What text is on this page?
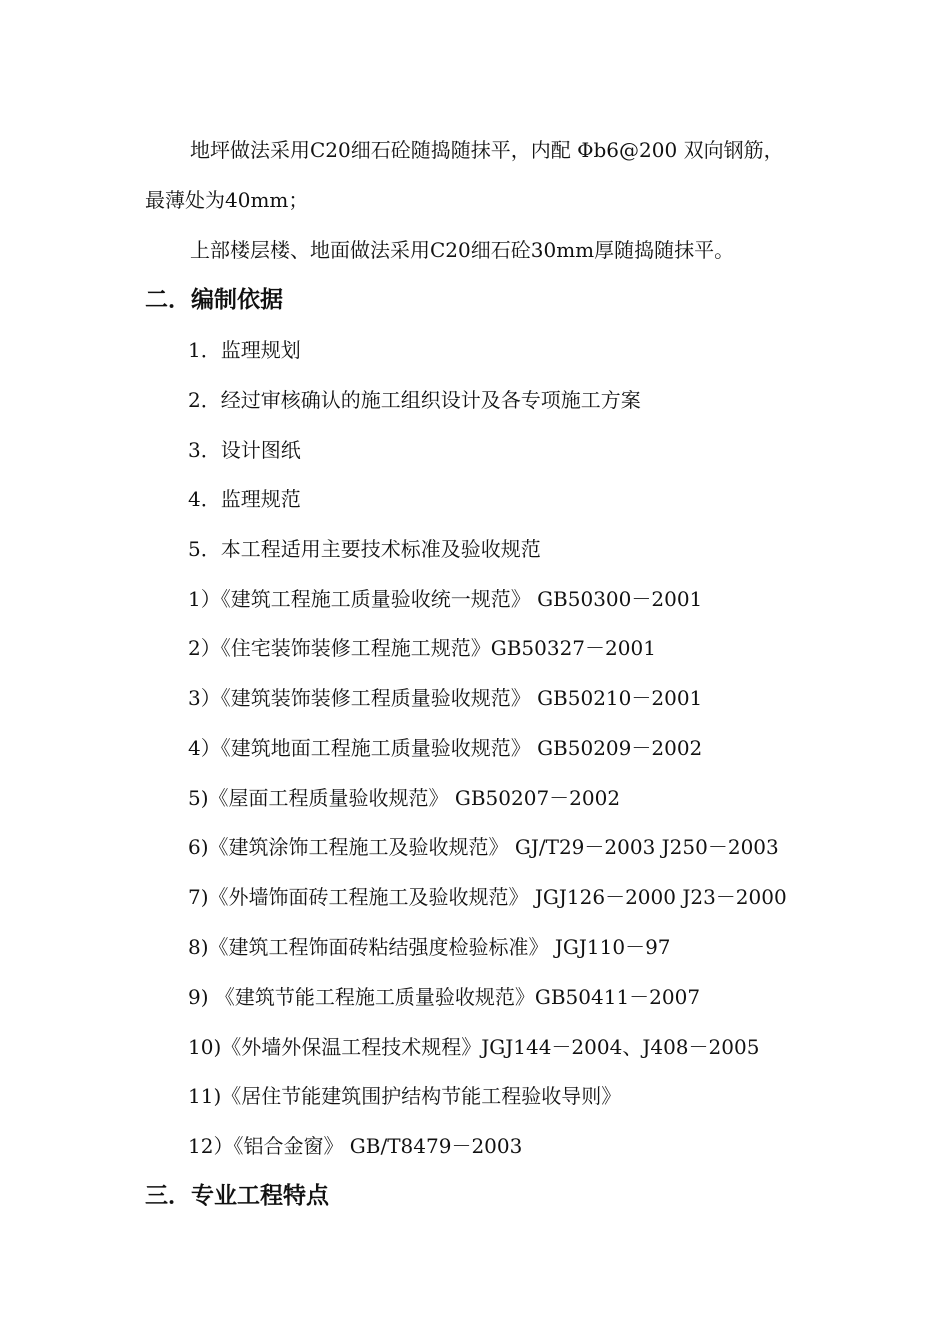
地坪做法采用C20细石砼随捣随抹平，内配 Φb6@200 双向钢筋，
最薄处为40mm；
上部楼层楼、地面做法采用C20细石砼30mm厚随捣随抹平。
二．编制依据
1．监理规划
2．经过审核确认的施工组织设计及各专项施工方案
3．设计图纸
4．监理规范
5．本工程适用主要技术标准及验收规范
1）《建筑工程施工质量验收统一规范》 GB50300－2001
2）《住宅装饰装修工程施工规范》GB50327－2001
3）《建筑装饰装修工程质量验收规范》 GB50210－2001
4）《建筑地面工程施工质量验收规范》 GB50209－2002
5)《屋面工程质量验收规范》 GB50207－2002
6)《建筑涂饰工程施工及验收规范》 GJ/T29－2003 J250－2003
7)《外墙饰面砖工程施工及验收规范》 JGJ126－2000 J23－2000
8)《建筑工程饰面砖粘结强度检验标准》 JGJ110－97
9) 《建筑节能工程施工质量验收规范》GB50411－2007
10)《外墙外保温工程技术规程》JGJ144－2004、J408－2005
11)《居住节能建筑围护结构节能工程验收导则》
12）《铝合金窗》 GB/T8479－2003
三．专业工程特点
